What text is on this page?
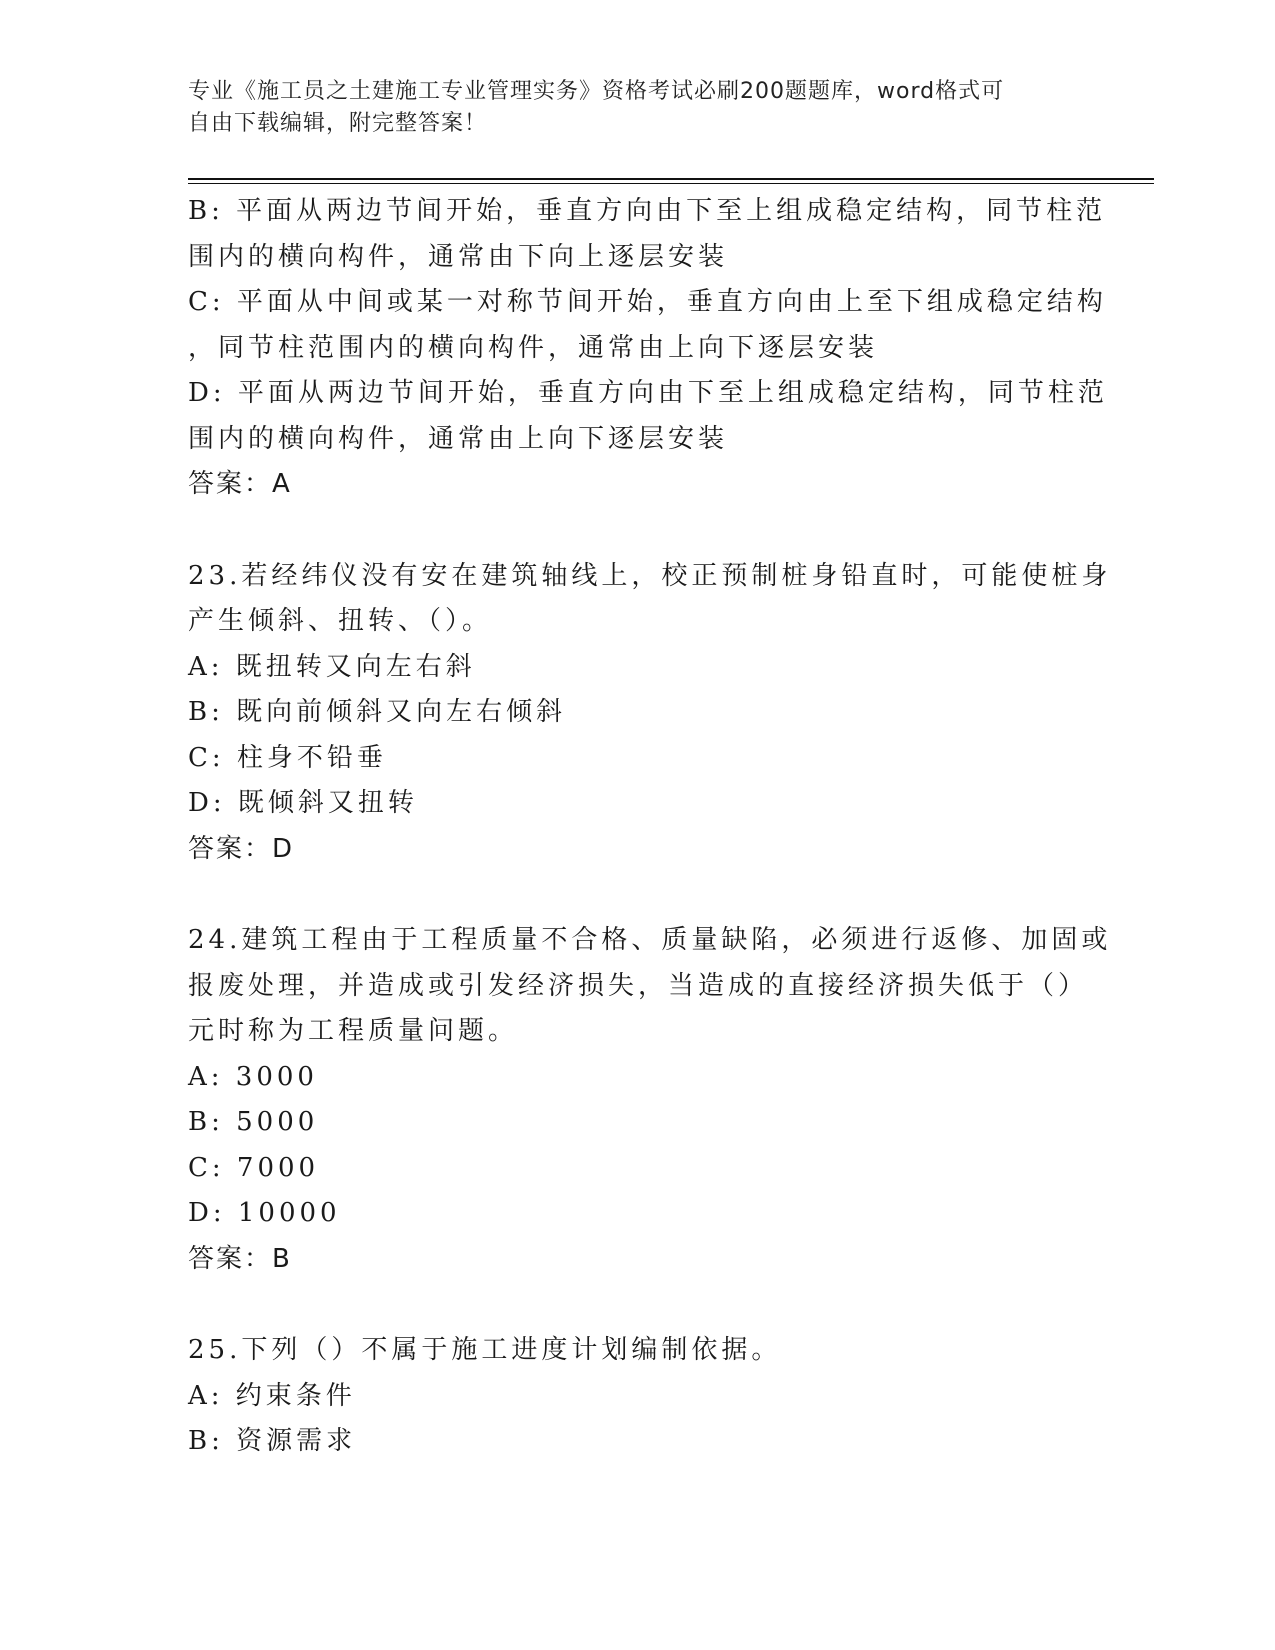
专业《施工员之土建施工专业管理实务》资格考试必刷200题题库，word格式可
自由下载编辑，附完整答案！
B: 平面从两边节间开始，垂直方向由下至上组成稳定结构，同节柱范
围内的横向构件，通常由下向上逐层安装
C: 平面从中间或某一对称节间开始，垂直方向由上至下组成稳定结构
，同节柱范围内的横向构件，通常由上向下逐层安装
D: 平面从两边节间开始，垂直方向由下至上组成稳定结构，同节柱范
围内的横向构件，通常由上向下逐层安装
答案：A
23.若经纬仪没有安在建筑轴线上，校正预制桩身铅直时，可能使桩身
产生倾斜、扭转、（）。
A: 既扭转又向左右斜
B: 既向前倾斜又向左右倾斜
C: 柱身不铅垂
D: 既倾斜又扭转
答案：D
24.建筑工程由于工程质量不合格、质量缺陷，必须进行返修、加固或
报废处理，并造成或引发经济损失，当造成的直接经济损失低于（）
元时称为工程质量问题。
A: 3000
B: 5000
C: 7000
D: 10000
答案：B
25.下列（）不属于施工进度计划编制依据。
A: 约束条件
B: 资源需求
